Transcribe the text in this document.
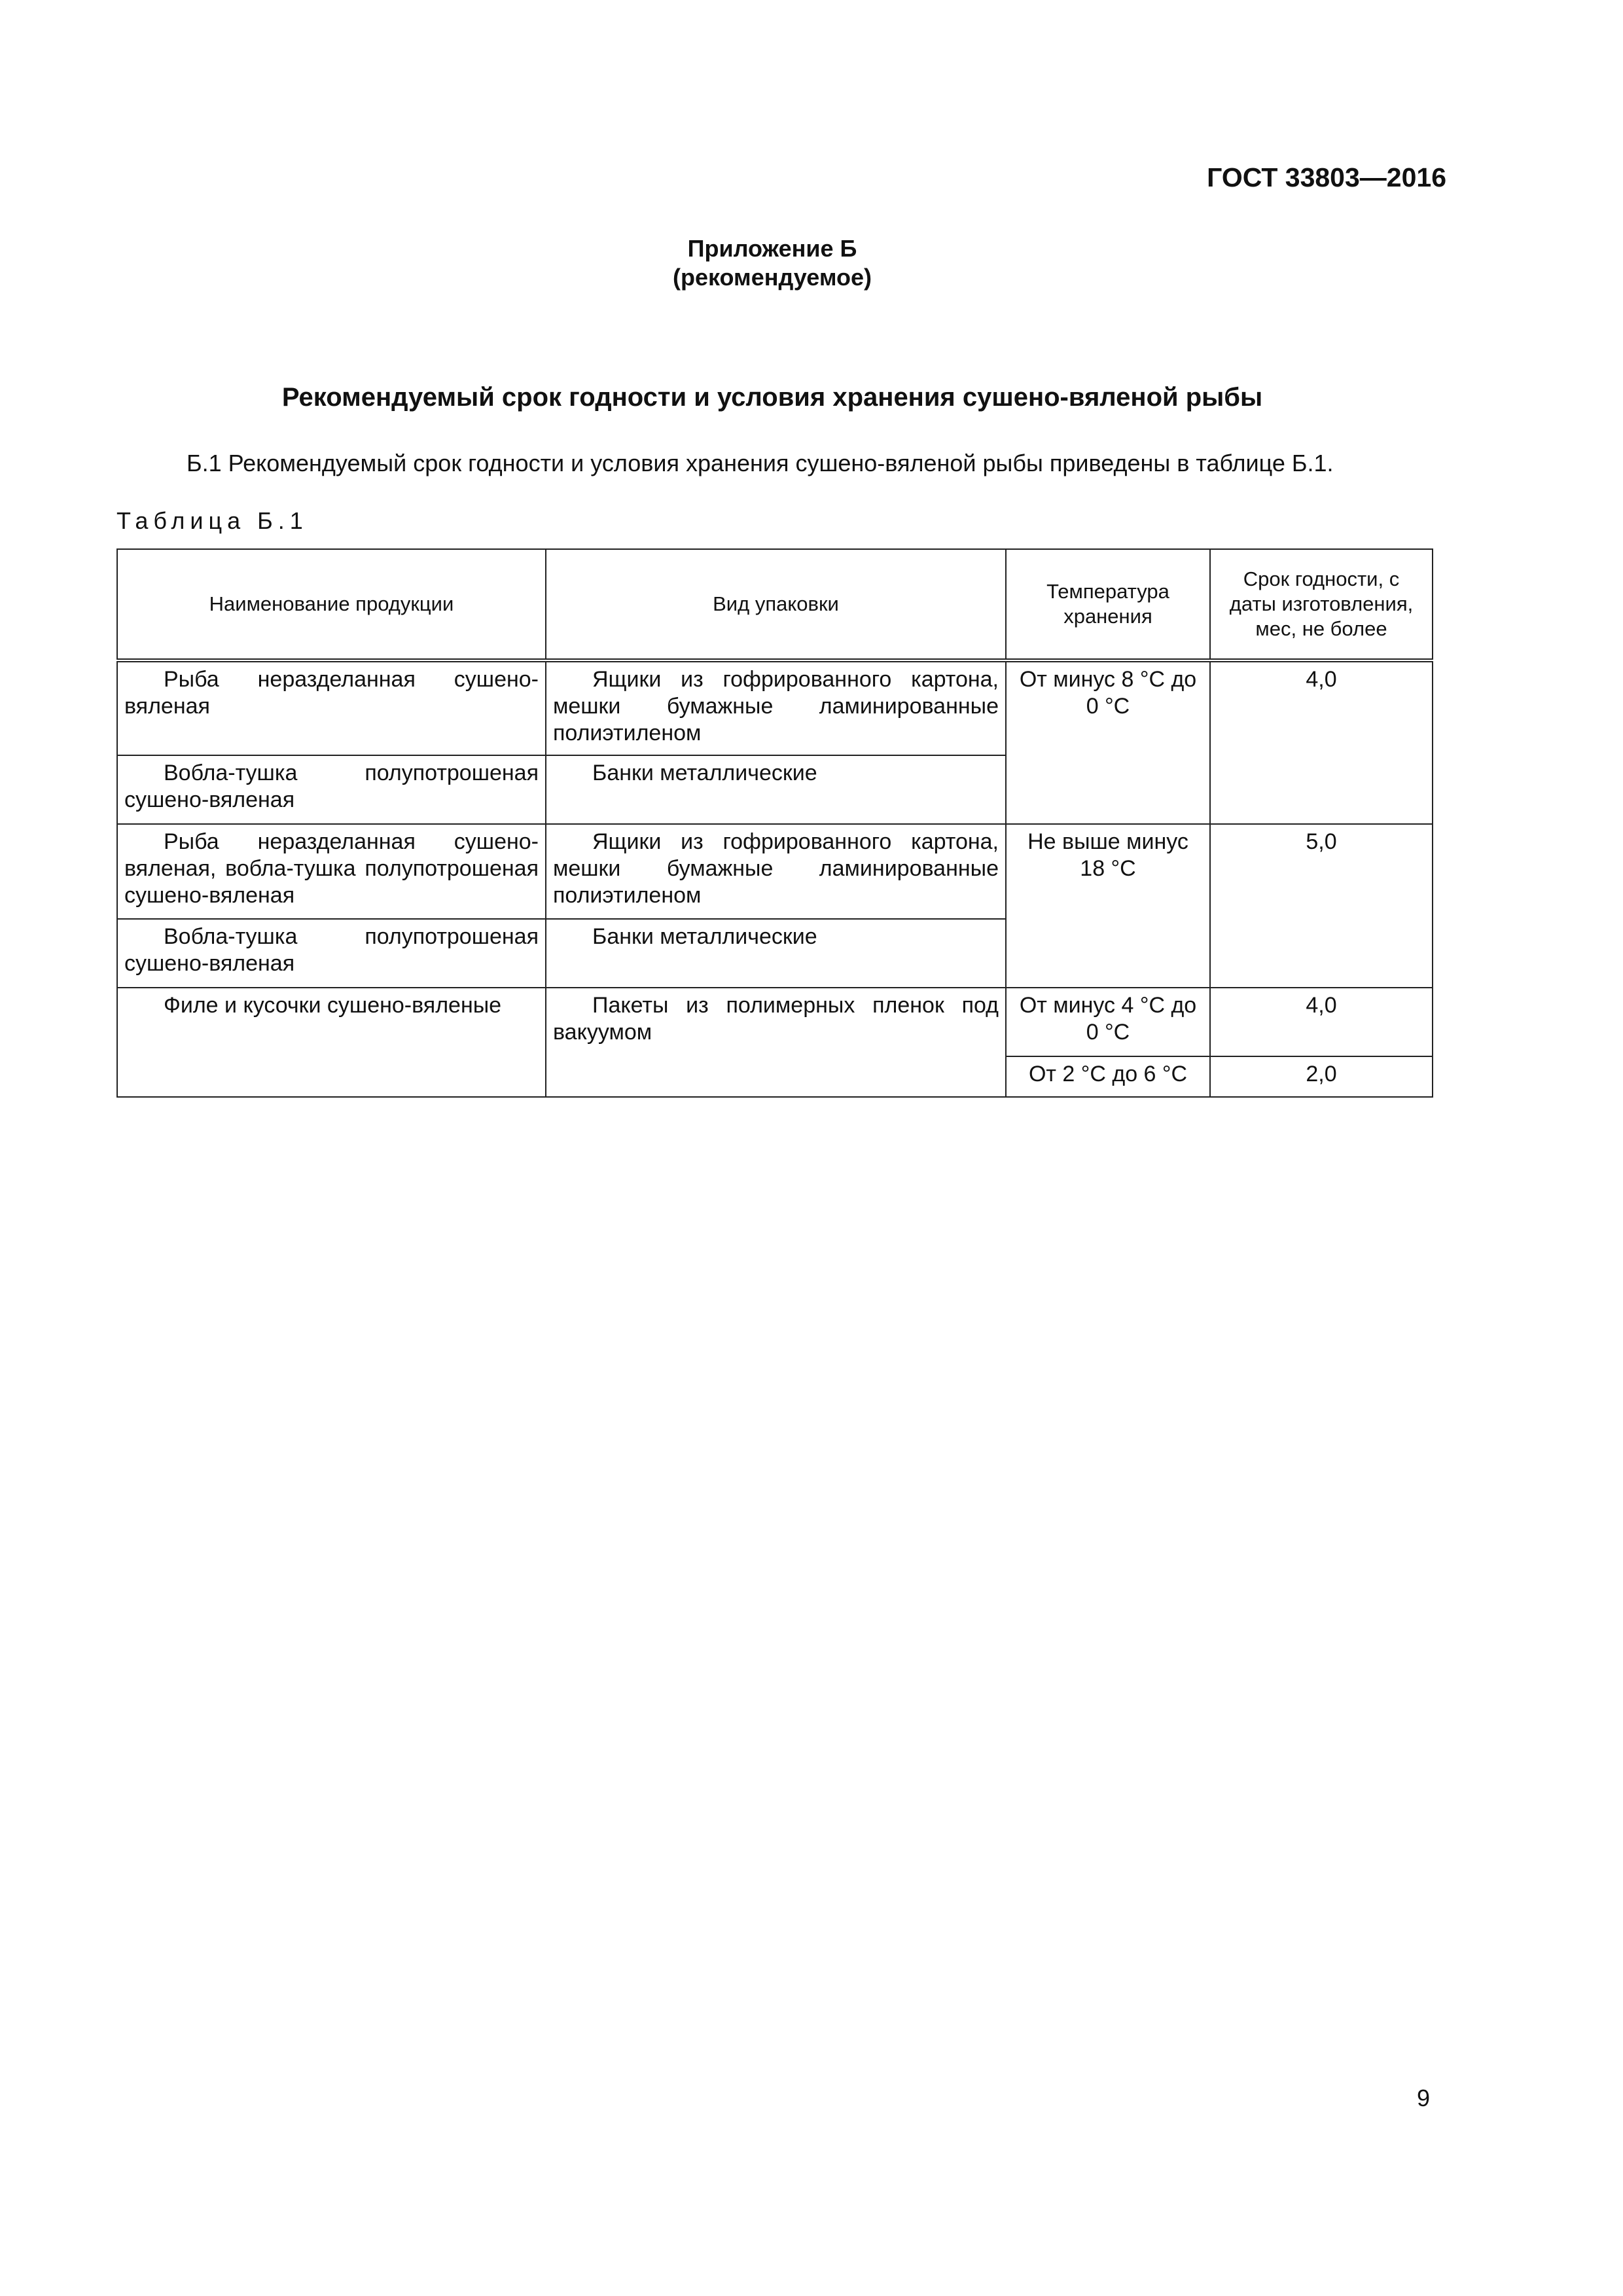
ГОСТ 33803—2016
Приложение Б
(рекомендуемое)
Рекомендуемый срок годности и условия хранения сушено-вяленой рыбы
Б.1 Рекомендуемый срок годности и условия хранения сушено-вяленой рыбы приведены в таблице Б.1.
Таблица Б.1
Наименование продукции	Вид упаковки	Температура хранения	Срок годности, с даты изготовления, мес, не более
Рыба неразделанная сушено-вяленая	Ящики из гофрированного картона, мешки бумажные ламинированные полиэтиленом	От минус 8 °С до 0 °С	4,0
Вобла-тушка полупотрошеная сушено-вяленая	Банки металлические		
Рыба неразделанная сушено-вяленая, вобла-тушка полупотрошеная сушено-вяленая	Ящики из гофрированного картона, мешки бумажные ламинированные полиэтиленом	Не выше минус 18 °С	5,0
Вобла-тушка полупотрошеная сушено-вяленая	Банки металлические		
Филе и кусочки сушено-вяленые	Пакеты из полимерных пленок под вакуумом	От минус 4 °С до 0 °С	4,0
		От 2 °С до 6 °С	2,0
9
